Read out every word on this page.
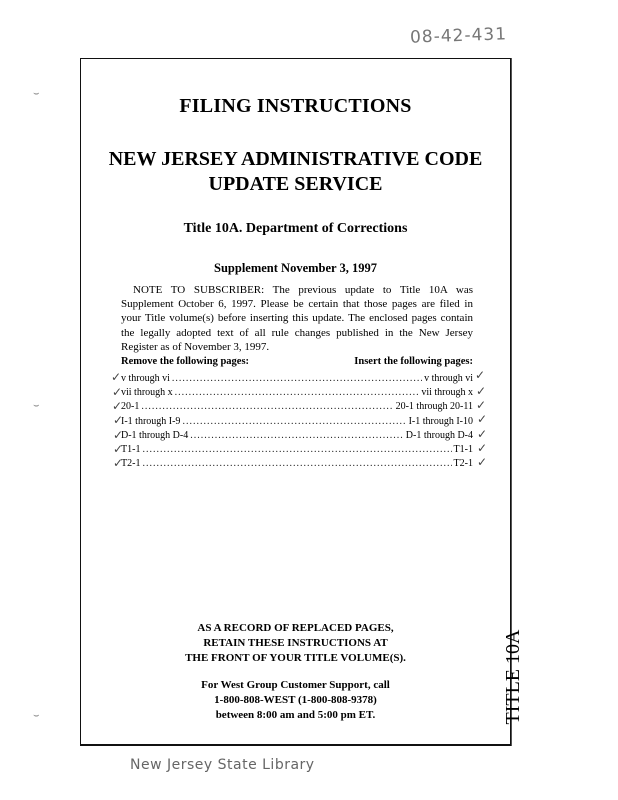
08-42-431
FILING INSTRUCTIONS
NEW JERSEY ADMINISTRATIVE CODE
UPDATE SERVICE
Title 10A. Department of Corrections
Supplement November 3, 1997
NOTE TO SUBSCRIBER: The previous update to Title 10A was Supplement October 6, 1997. Please be certain that those pages are filed in your Title volume(s) before inserting this update. The enclosed pages contain the legally adopted text of all rule changes published in the New Jersey Register as of November 3, 1997.
Remove the following pages:	Insert the following pages:
v through vi .....	v through vi
vii through x .....	vii through x
20-1 .....	20-1 through 20-11
I-1 through I-9 .....	I-1 through I-10
D-1 through D-4 .....	D-1 through D-4
T1-1 .....	T1-1
T2-1 .....	T2-1
✓
✓
✓
✓
✓
✓
✓
✓
✓
✓
✓
✓
✓
✓
⌣
⌣
⌣
AS A RECORD OF REPLACED PAGES,
RETAIN THESE INSTRUCTIONS AT
THE FRONT OF YOUR TITLE VOLUME(S).
For West Group Customer Support, call
1-800-808-WEST (1-800-808-9378)
between 8:00 am and 5:00 pm ET.	TITLE 10A
New Jersey State Library
